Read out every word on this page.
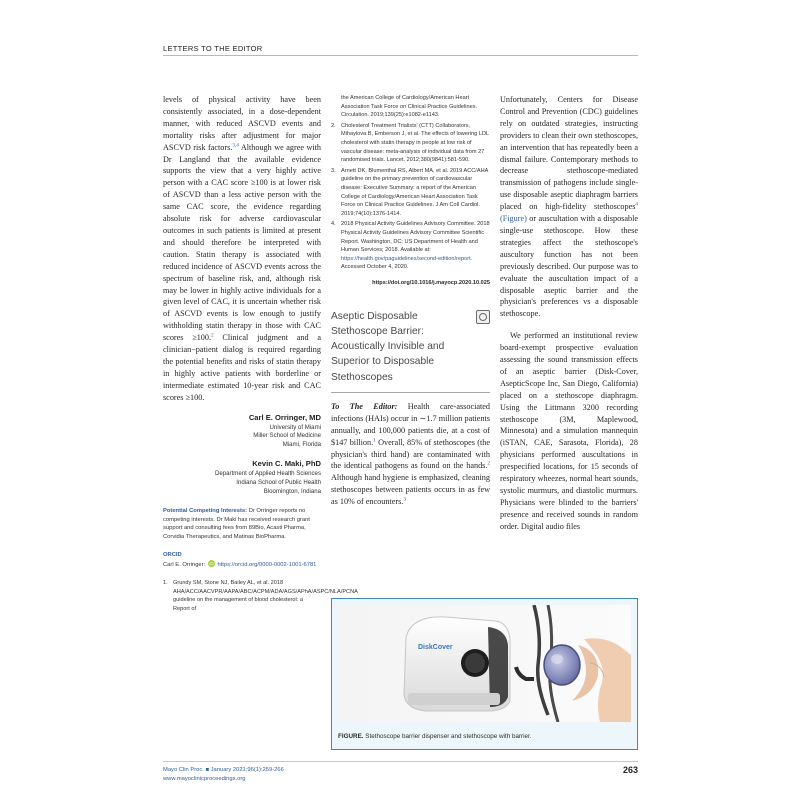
LETTERS TO THE EDITOR

levels of physical activity have been consistently associated, in a dose-dependent manner, with reduced ASCVD events and mortality risks after adjustment for major ASCVD risk factors.$^{3,4}$ Although we agree with Dr Langland that the available evidence supports the view that a very highly active person with a CAC score ≥100 is at lower risk of ASCVD than a less active person with the same CAC score, the evidence regarding absolute risk for adverse cardiovascular outcomes in such patients is limited at present and should therefore be interpreted with caution. Statin therapy is associated with reduced incidence of ASCVD events across the spectrum of baseline risk, and, although risk may be lower in highly active individuals for a given level of CAC, it is uncertain whether risk of ASCVD events is low enough to justify withholding statin therapy in those with CAC scores ≥100.$^2$ Clinical judgment and a clinician−patient dialog is required regarding the potential benefits and risks of statin therapy in highly active patients with borderline or intermediate estimated 10-year risk and CAC scores ≥100.

Carl E. Orringer, MD
University of Miami
Miller School of Medicine
Miami, Florida
Kevin C. Maki, PhD
Department of Applied Health Sciences
Indiana School of Public Health
Bloomington, Indiana
Potential Competing Interests: Dr Orringer reports no competing interests. Dr Maki has received research grant support and consulting fees from 89Bio, Acasti Pharma, Corvidia Therapeutics, and Matinas BioPharma.
ORCID
Carl E. Orringer: iD https://orcid.org/0000-0002-1001-6781
1. Grundy SM, Stone NJ, Bailey AL, et al. 2018 AHA/ACC/AACVPR/AAPA/ABC/ACPM/ADA/AGS/APhA/ASPC/NLA/PCNA guideline on the management of blood cholesterol: a Report of
the American College of Cardiology/American Heart Association Task Force on Clinical Practice Guidelines. Circulation. 2019;139(25):e1082-e1143.
2. Cholesterol Treatment Trialists' (CTT) Collaborators, Mihaylova B, Emberson J, et al. The effects of lowering LDL cholesterol with statin therapy in people at low risk of vascular disease: meta-analysis of individual data from 27 randomised trials. Lancet. 2012;380(9841):581-590.
3. Arnett DK, Blumenthal RS, Albert MA, et al. 2019 ACC/AHA guideline on the primary prevention of cardiovascular disease: Executive Summary: a report of the American College of Cardiology/American Heart Association Task Force on Clinical Practice Guidelines. J Am Coll Cardiol. 2019;74(10):1376-1414.
4. 2018 Physical Activity Guidelines Advisory Committee. 2018 Physical Activity Guidelines Advisory Committee Scientific Report. Washington, DC: US Department of Health and Human Services; 2018. Available at: https://health.gov/paguidelines/second-edition/report. Accessed October 4, 2020.
https://doi.org/10.1016/j.mayocp.2020.10.025
Aseptic Disposable Stethoscope Barrier: Acoustically Invisible and Superior to Disposable Stethoscopes

To The Editor: Health care-associated infections (HAIs) occur in ∼1.7 million patients annually, and 100,000 patients die, at a cost of $147 billion.$^1$ Overall, 85% of stethoscopes (the physician's third hand) are contaminated with the identical pathogens as found on the hands.$^2$ Although hand hygiene is emphasized, cleaning stethoscopes between patients occurs in as few as 10% of encounters.$^3$

Unfortunately, Centers for Disease Control and Prevention (CDC) guidelines rely on outdated strategies, instructing providers to clean their own stethoscopes, an intervention that has repeatedly been a dismal failure. Contemporary methods to decrease stethoscope-mediated transmission of pathogens include single-use disposable aseptic diaphragm barriers placed on high-fidelity stethoscopes$^4$ (Figure) or auscultation with a disposable single-use stethoscope. How these strategies affect the stethoscope's auscultory function has not been previously described. Our purpose was to evaluate the auscultation impact of a disposable aseptic barrier and the physician's preferences vs a disposable stethoscope.

We performed an institutional review board-exempt prospective evaluation assessing the sound transmission effects of an aseptic barrier (Disk-Cover, AsepticScope Inc, San Diego, California) placed on a stethoscope diaphragm. Using the Littmann 3200 recording stethoscope (3M, Maplewood, Minnesota) and a simulation mannequin (iSTAN, CAE, Sarasota, Florida), 28 physicians performed auscultations in prespecified locations, for 15 seconds of respiratory wheezes, normal heart sounds, systolic murmurs, and diastolic murmurs. Physicians were blinded to the barriers' presence and received sounds in random order. Digital audio files

DiskCover
FIGURE. Stethoscope barrier dispenser and stethoscope with barrier.
Mayo Clin Proc. ■ January 2021;96(1):259-266
www.mayoclinicproceedings.org
263
